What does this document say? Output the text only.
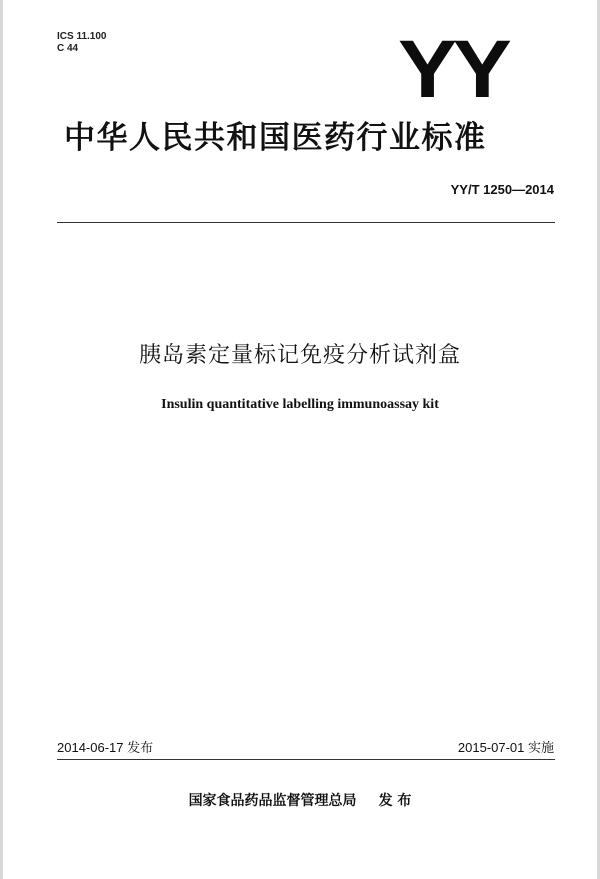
ICS 11.100
C 44	YY
中华人民共和国医药行业标准
YY/T 1250—2014
胰岛素定量标记免疫分析试剂盒
Insulin quantitative labelling immunoassay kit
2014-06-17 发布	2015-07-01 实施
国家食品药品监督管理总局 发 布
